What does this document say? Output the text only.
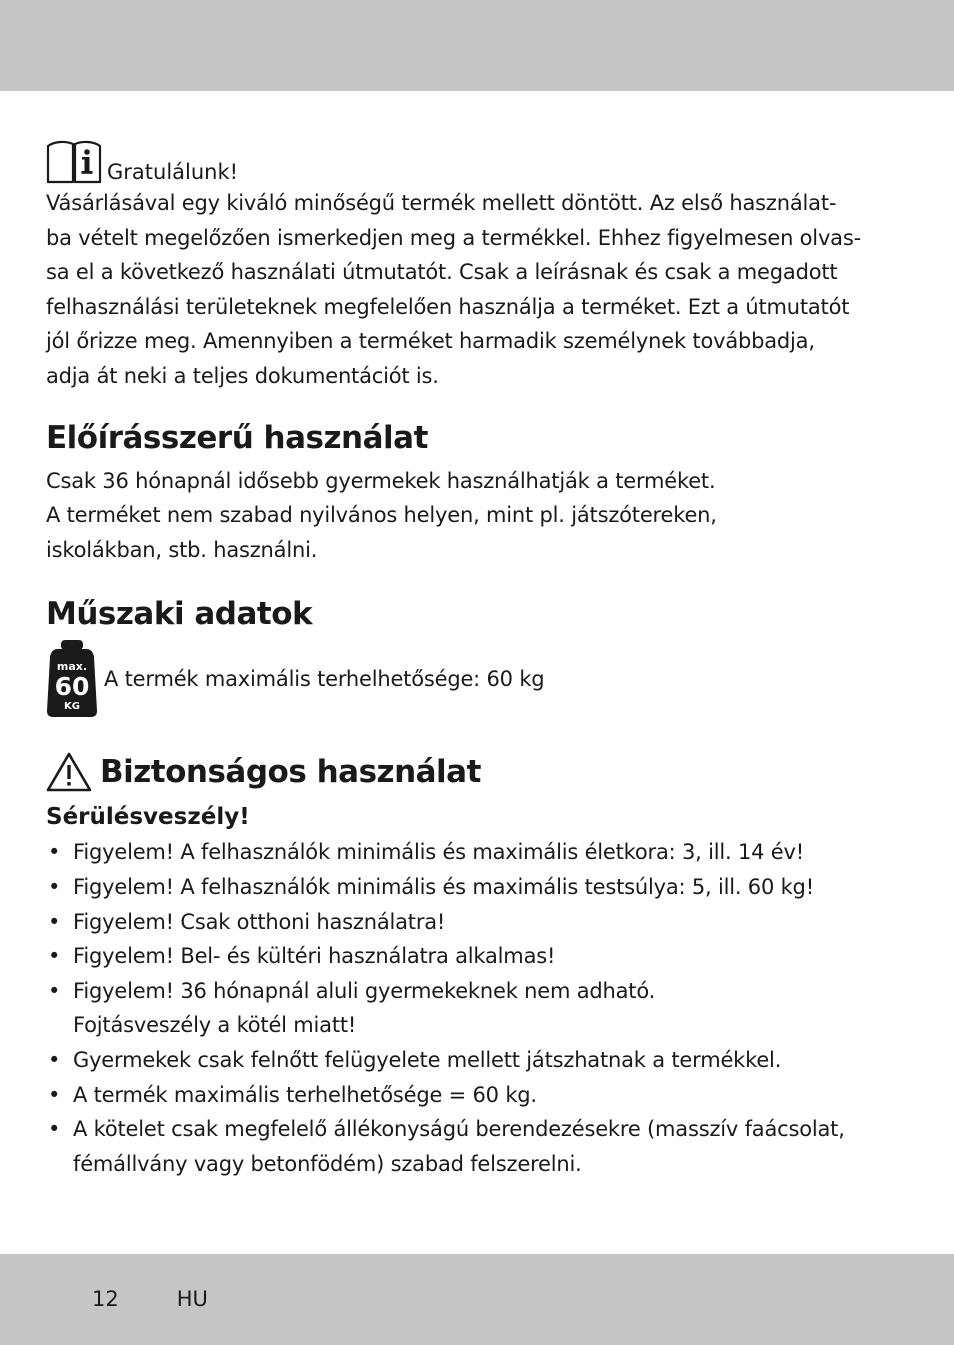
Gratulálunk!

Vásárlásával egy kiváló minőségű termék mellett döntött. Az első használat-

ba vételt megelőzően ismerkedjen meg a termékkel. Ehhez figyelmesen olvas-

sa el a következő használati útmutatót. Csak a leírásnak és csak a megadott

felhasználási területeknek megfelelően használja a terméket. Ezt a útmutatót

jól őrizze meg. Amennyiben a terméket harmadik személynek továbbadja,

adja át neki a teljes dokumentációt is.

Előírásszerű használat

Csak 36 hónapnál idősebb gyermekek használhatják a terméket.

A terméket nem szabad nyilvános helyen, mint pl. játszótereken,

iskolákban, stb. használni.

Műszaki adatok
max.
60
KG
A termék maximális terhelhetősége: 60 kg
Biztonságos használat
Sérülésveszély!
• Figyelem! A felhasználók minimális és maximális életkora: 3, ill. 14 év!
• Figyelem! A felhasználók minimális és maximális testsúlya: 5, ill. 60 kg!
• Figyelem! Csak otthoni használatra!
• Figyelem! Bel- és kültéri használatra alkalmas!
• Figyelem! 36 hónapnál aluli gyermekeknek nem adható.
Fojtásveszély a kötél miatt!
• Gyermekek csak felnőtt felügyelete mellett játszhatnak a termékkel.
• A termék maximális terhelhetősége = 60 kg.
• A kötelet csak megfelelő állékonyságú berendezésekre (masszív faácsolat,
fémállvány vagy betonfödém) szabad felszerelni.
12	HU
